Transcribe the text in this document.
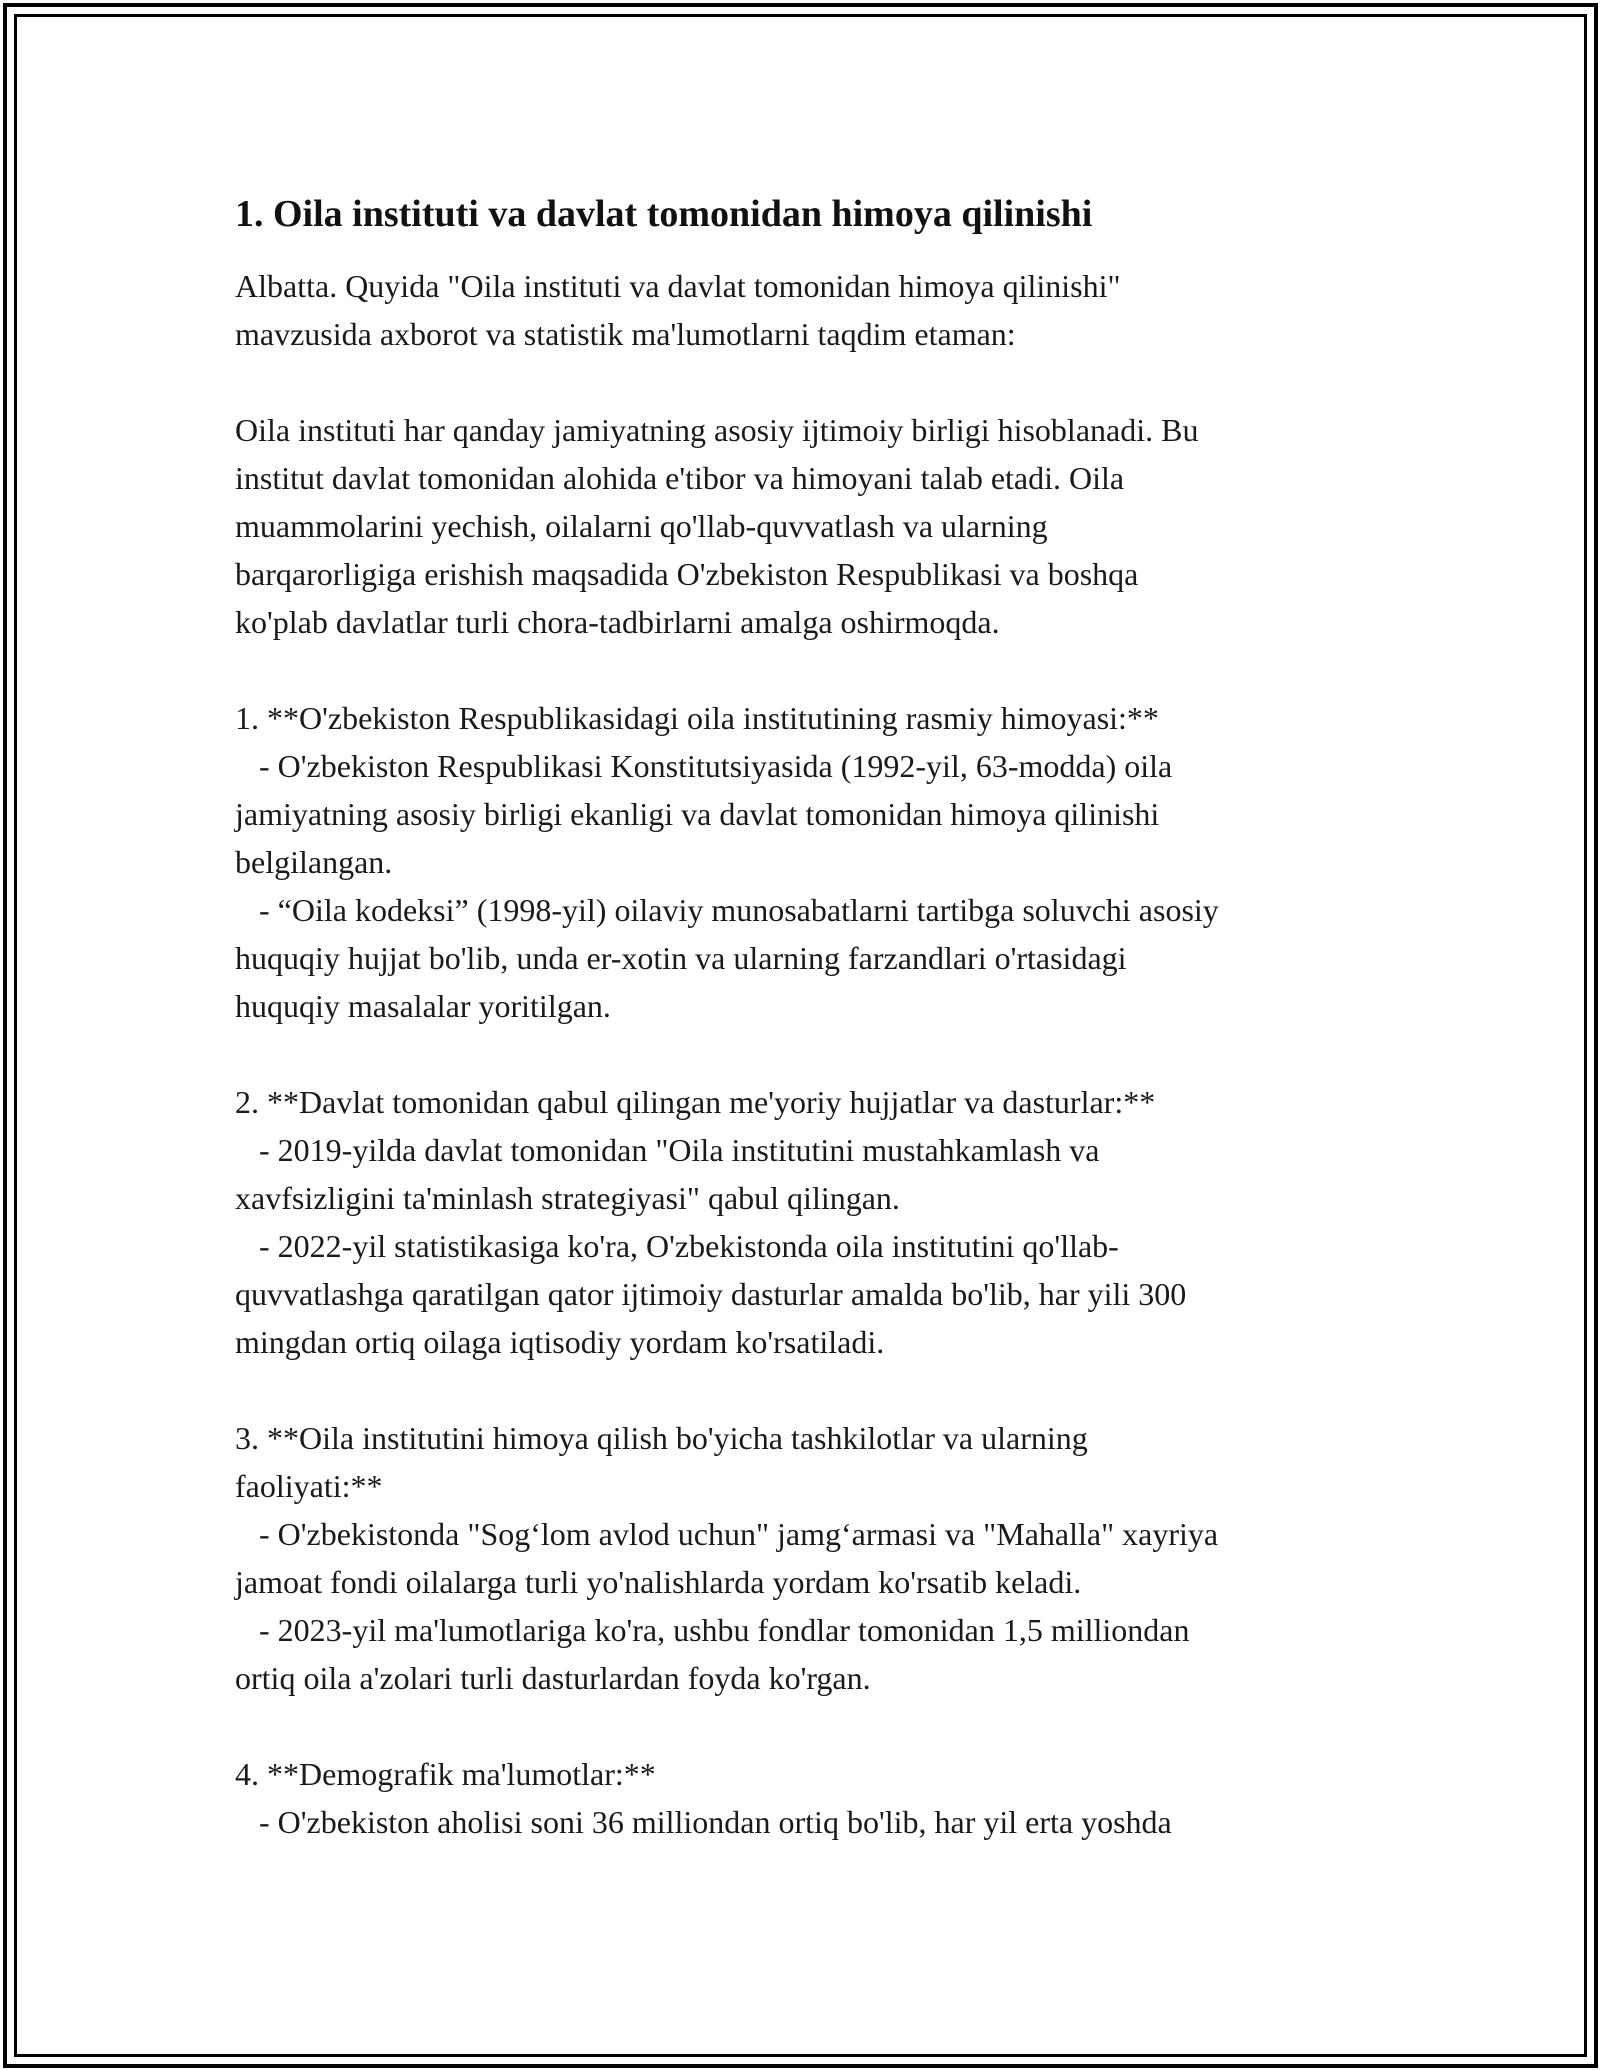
1. Oila instituti va davlat tomonidan himoya qilinishi

Albatta. Quyida "Oila instituti va davlat tomonidan himoya qilinishi"
mavzusida axborot va statistik ma'lumotlarni taqdim etaman:

Oila instituti har qanday jamiyatning asosiy ijtimoiy birligi hisoblanadi. Bu
institut davlat tomonidan alohida e'tibor va himoyani talab etadi. Oila
muammolarini yechish, oilalarni qo'llab-quvvatlash va ularning
barqarorligiga erishish maqsadida O'zbekiston Respublikasi va boshqa
ko'plab davlatlar turli chora-tadbirlarni amalga oshirmoqda.

1. **O'zbekiston Respublikasidagi oila institutining rasmiy himoyasi:**
- O'zbekiston Respublikasi Konstitutsiyasida (1992-yil, 63-modda) oila
jamiyatning asosiy birligi ekanligi va davlat tomonidan himoya qilinishi
belgilangan.
- “Oila kodeksi” (1998-yil) oilaviy munosabatlarni tartibga soluvchi asosiy
huquqiy hujjat bo'lib, unda er-xotin va ularning farzandlari o'rtasidagi
huquqiy masalalar yoritilgan.

2. **Davlat tomonidan qabul qilingan me'yoriy hujjatlar va dasturlar:**
- 2019-yilda davlat tomonidan "Oila institutini mustahkamlash va
xavfsizligini ta'minlash strategiyasi" qabul qilingan.
- 2022-yil statistikasiga ko'ra, O'zbekistonda oila institutini qo'llab-
quvvatlashga qaratilgan qator ijtimoiy dasturlar amalda bo'lib, har yili 300
mingdan ortiq oilaga iqtisodiy yordam ko'rsatiladi.

3. **Oila institutini himoya qilish bo'yicha tashkilotlar va ularning
faoliyati:**
- O'zbekistonda "Sog‘lom avlod uchun" jamg‘armasi va "Mahalla" xayriya
jamoat fondi oilalarga turli yo'nalishlarda yordam ko'rsatib keladi.
- 2023-yil ma'lumotlariga ko'ra, ushbu fondlar tomonidan 1,5 milliondan
ortiq oila a'zolari turli dasturlardan foyda ko'rgan.

4. **Demografik ma'lumotlar:**
- O'zbekiston aholisi soni 36 milliondan ortiq bo'lib, har yil erta yoshda
